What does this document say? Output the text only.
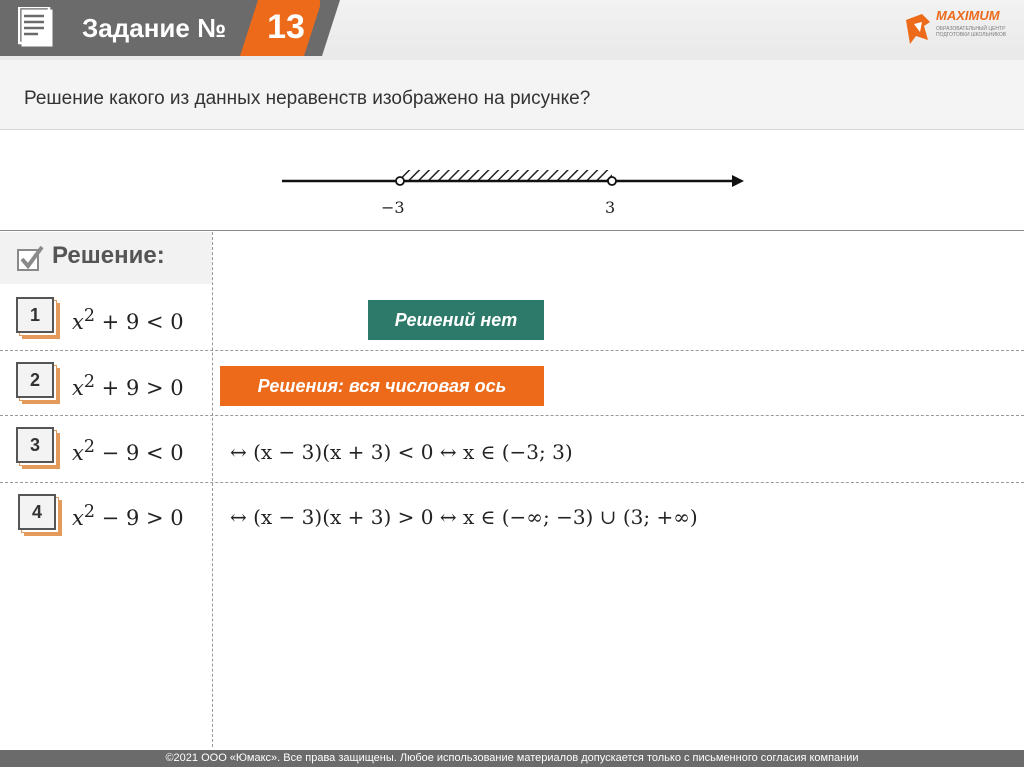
Задание № 13	MAXIMUM
ОБРАЗОВАТЕЛЬНЫЙ ЦЕНТР ПОДГОТОВКИ ШКОЛЬНИКОВ
Решение какого из данных неравенств изображено на рисунке?
−3	3
Решение:
1	$x^2 + 9 < 0$	Решений нет
2	$x^2 + 9 > 0$	Решения: вся числовая ось
3	$x^2 - 9 < 0$ ↔ (x − 3)(x + 3) < 0 ↔ x ∈ (−3; 3)
4	$x^2 - 9 > 0$ ↔ (x − 3)(x + 3) > 0 ↔ x ∈ (−∞; −3) ∪ (3; +∞)
©2021 ООО «Юмакс». Все права защищены. Любое использование материалов допускается только с письменного согласия компании
